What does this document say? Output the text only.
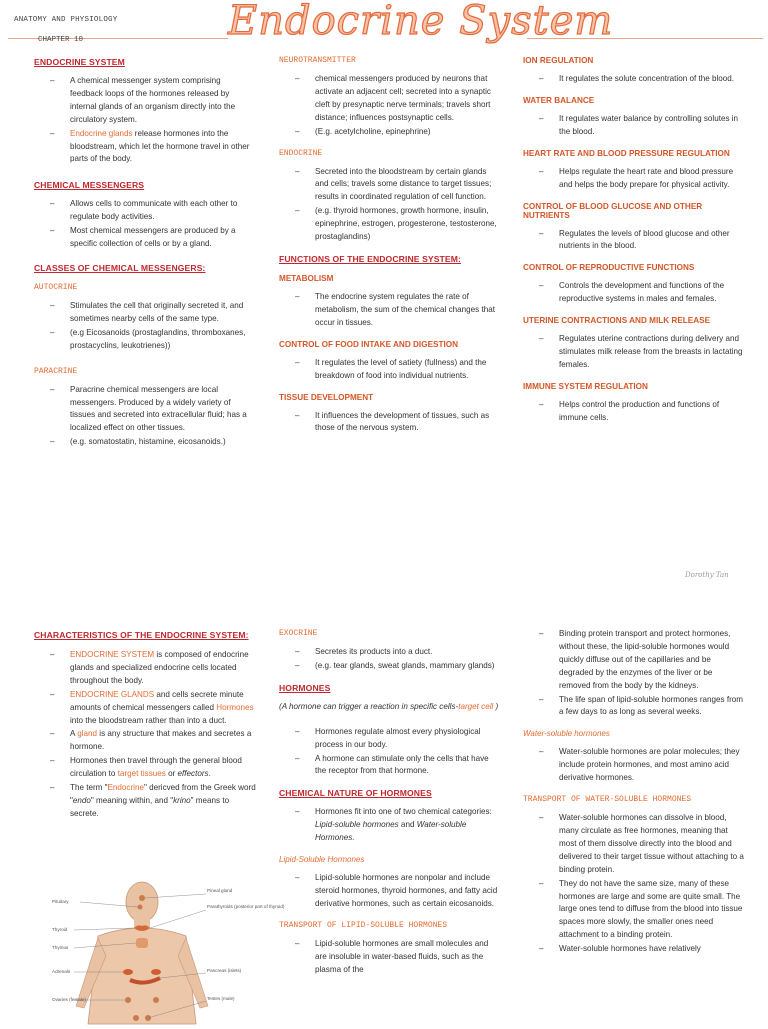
ANATOMY AND PHYSIOLOGY
CHAPTER 10	Endocrine System
ENDOCRINE SYSTEM
– A chemical messenger system comprising feedback loops of the hormones released by internal glands of an organism directly into the circulatory system.
– Endocrine glands release hormones into the bloodstream, which let the hormone travel in other parts of the body.
CHEMICAL MESSENGERS
– Allows cells to communicate with each other to regulate body activities.
– Most chemical messengers are produced by a specific collection of cells or by a gland.
CLASSES OF CHEMICAL MESSENGERS:
AUTOCRINE
– Stimulates the cell that originally secreted it, and sometimes nearby cells of the same type.
– (e.g Eicosanoids (prostaglandins, thromboxanes, prostacyclins, leukotrienes))
PARACRINE
– Paracrine chemical messengers are local messengers. Produced by a widely variety of tissues and secreted into extracellular fluid; has a localized effect on other tissues.
– (e.g. somatostatin, histamine, eicosanoids.)
NEUROTRANSMITTER
– chemical messengers produced by neurons that activate an adjacent cell; secreted into a synaptic cleft by presynaptic nerve terminals; travels short distance; influences postsynaptic cells.
– (E.g. acetylcholine, epinephrine)
ENDOCRINE
– Secreted into the bloodstream by certain glands and cells; travels some distance to target tissues; results in coordinated regulation of cell function.
– (e.g. thyroid hormones, growth hormone, insulin, epinephrine, estrogen, progesterone, testosterone, prostaglandins)
FUNCTIONS OF THE ENDOCRINE SYSTEM:
METABOLISM
– The endocrine system regulates the rate of metabolism, the sum of the chemical changes that occur in tissues.
CONTROL OF FOOD INTAKE AND DIGESTION
– It regulates the level of satiety (fullness) and the breakdown of food into individual nutrients.
TISSUE DEVELOPMENT
– It influences the development of tissues, such as those of the nervous system.
ION REGULATION
– It regulates the solute concentration of the blood.
WATER BALANCE
– It regulates water balance by controlling solutes in the blood.
HEART RATE AND BLOOD PRESSURE REGULATION
– Helps regulate the heart rate and blood pressure and helps the body prepare for physical activity.
CONTROL OF BLOOD GLUCOSE AND OTHER NUTRIENTS
– Regulates the levels of blood glucose and other nutrients in the blood.
CONTROL OF REPRODUCTIVE FUNCTIONS
– Controls the development and functions of the reproductive systems in males and females.
UTERINE CONTRACTIONS AND MILK RELEASE
– Regulates uterine contractions during delivery and stimulates milk release from the breasts in lactating females.
IMMUNE SYSTEM REGULATION
– Helps control the production and functions of immune cells.
Dorothy Tan
CHARACTERISTICS OF THE ENDOCRINE SYSTEM:
– ENDOCRINE SYSTEM is composed of endocrine glands and specialized endocrine cells located throughout the body.
– ENDOCRINE GLANDS and cells secrete minute amounts of chemical messengers called Hormones into the bloodstream rather than into a duct.
– A gland is any structure that makes and secretes a hormone.
– Hormones then travel through the general blood circulation to target tissues or effectors.
– The term "Endocrine" dericved from the Greek word "endo" meaning within, and "krino" means to secrete.
Pineal gland
Parathyroids (posterior part of thyroid)
Pancreas (islets)
Testes (male)
Pituitary
Thyroid
Thymus
Adrenals
Ovaries (female)
EXOCRINE
– Secretes its products into a duct.
– (e.g. tear glands, sweat glands, mammary glands)
HORMONES
(A hormone can trigger a reaction in specific cells-target cell )
– Hormones regulate almost every physiological process in our body.
– A hormone can stimulate only the cells that have the receptor from that hormone.
CHEMICAL NATURE OF HORMONES
– Hormones fit into one of two chemical categories: Lipid-soluble hormones and Water-soluble Hormones.
Lipid-Soluble Hormones
– Lipid-soluble hormones are nonpolar and include steroid hormones, thyroid hormones, and fatty acid derivative hormones, such as certain eicosanoids.
TRANSPORT OF LIPID-SOLUBLE HORMONES
– Lipid-soluble hormones are small molecules and are insoluble in water-based fluids, such as the plasma of the
– Binding protein transport and protect hormones, without these, the lipid-soluble hormones would quickly diffuse out of the capillaries and be degraded by the enzymes of the liver or be removed from the body by the kidneys.
– The life span of lipid-soluble hormones ranges from a few days to as long as several weeks.
Water-soluble hormones
– Water-soluble hormones are polar molecules; they include protein hormones, and most amino acid derivative hormones.
TRANSPORT OF WATER-SOLUBLE HORMONES
– Water-soluble hormones can dissolve in blood, many circulate as free hormones, meaning that most of them dissolve directly into the blood and delivered to their target tissue without attaching to a binding protein.
– They do not have the same size, many of these hormones are large and some are quite small. The large ones tend to diffuse from the blood into tissue spaces more slowly, the smaller ones need attachment to a binding protein.
– Water-soluble hormones have relatively
